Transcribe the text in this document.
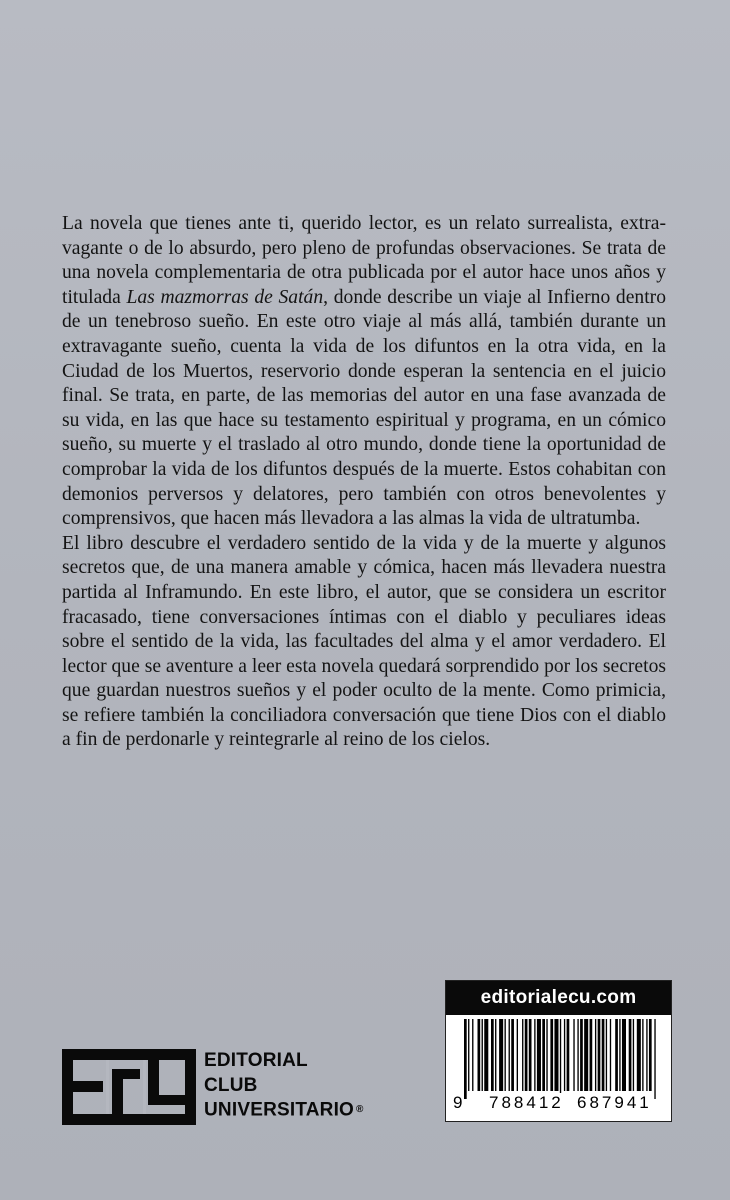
La novela que tienes ante ti, querido lector, es un relato surrealista, extravagante o de lo absurdo, pero pleno de profundas observaciones. Se trata de una novela complementaria de otra publicada por el autor hace unos años y titulada Las mazmorras de Satán, donde describe un viaje al Infierno dentro de un tenebroso sueño. En este otro viaje al más allá, también durante un extravagante sueño, cuenta la vida de los difuntos en la otra vida, en la Ciudad de los Muertos, reservorio donde esperan la sentencia en el juicio final. Se trata, en parte, de las memorias del autor en una fase avanzada de su vida, en las que hace su testamento espiritual y programa, en un cómico sueño, su muerte y el traslado al otro mundo, donde tiene la oportunidad de comprobar la vida de los difuntos después de la muerte. Estos cohabitan con demonios perversos y delatores, pero también con otros benevolentes y comprensivos, que hacen más llevadora a las almas la vida de ultratumba.

El libro descubre el verdadero sentido de la vida y de la muerte y algunos secretos que, de una manera amable y cómica, hacen más llevadera nuestra partida al Inframundo. En este libro, el autor, que se considera un escritor fracasado, tiene conversaciones íntimas con el diablo y peculiares ideas sobre el sentido de la vida, las facultades del alma y el amor verdadero. El lector que se aventure a leer esta novela quedará sorprendido por los secretos que guardan nuestros sueños y el poder oculto de la mente. Como primicia, se refiere también la conciliadora conversación que tiene Dios con el diablo a fin de perdonarle y reintegrarle al reino de los cielos.

EDITORIAL
CLUB
UNIVERSITARIO ®
editorialecu.com
9 788412 687941
